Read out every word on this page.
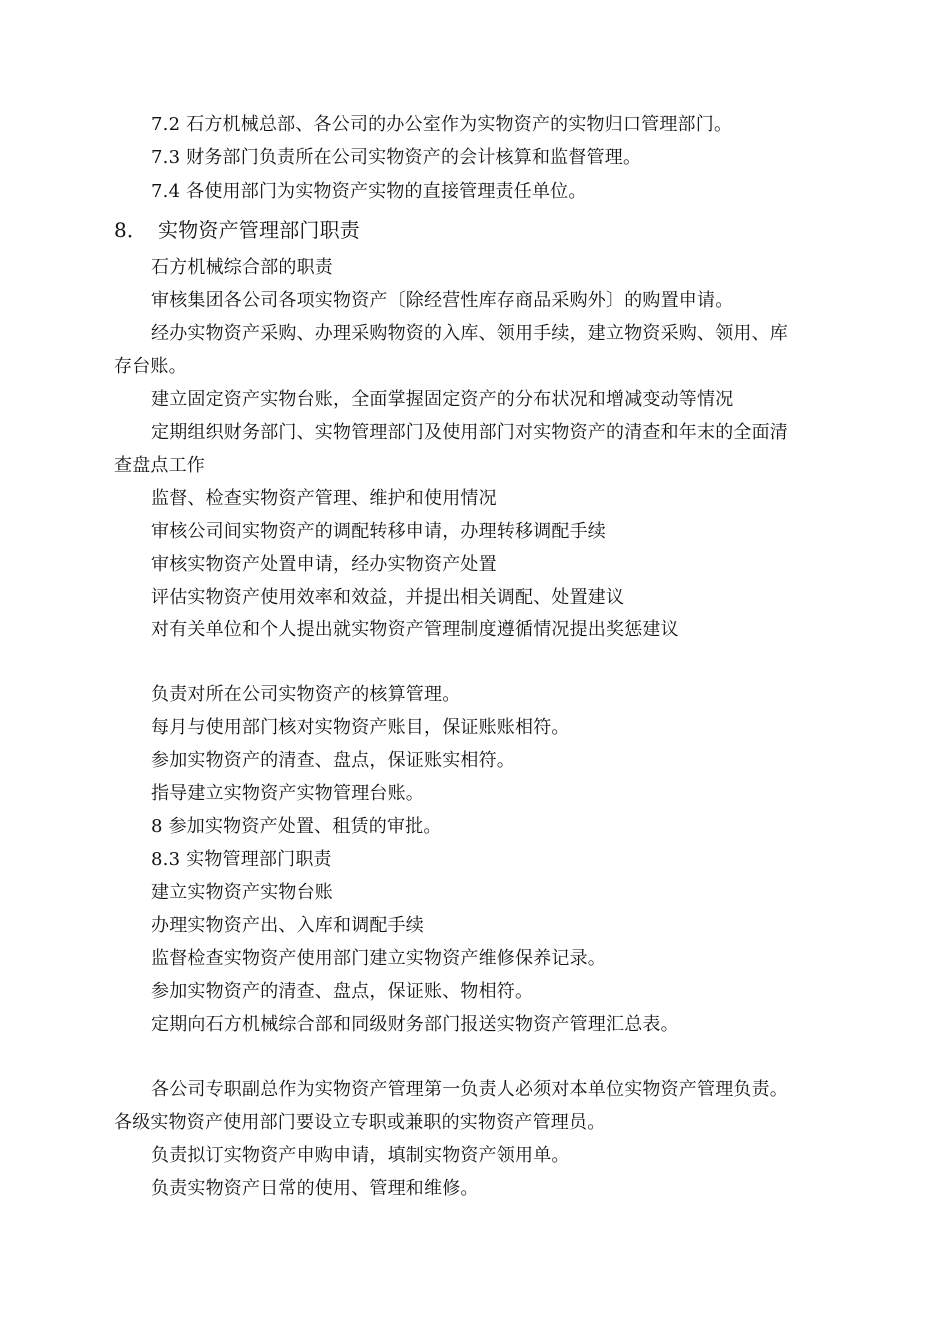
7.2 石方机械总部、各公司的办公室作为实物资产的实物归口管理部门。
7.3 财务部门负责所在公司实物资产的会计核算和监督管理。
7.4 各使用部门为实物资产实物的直接管理责任单位。
8． 实物资产管理部门职责
石方机械综合部的职责
审核集团各公司各项实物资产〔除经营性库存商品采购外〕的购置申请。
经办实物资产采购、办理采购物资的入库、领用手续，建立物资采购、领用、库
存台账。
建立固定资产实物台账，全面掌握固定资产的分布状况和增减变动等情况
定期组织财务部门、实物管理部门及使用部门对实物资产的清查和年末的全面清
查盘点工作
监督、检查实物资产管理、维护和使用情况
审核公司间实物资产的调配转移申请，办理转移调配手续
审核实物资产处置申请，经办实物资产处置
评估实物资产使用效率和效益，并提出相关调配、处置建议
对有关单位和个人提出就实物资产管理制度遵循情况提出奖惩建议
负责对所在公司实物资产的核算管理。
每月与使用部门核对实物资产账目，保证账账相符。
参加实物资产的清查、盘点，保证账实相符。
指导建立实物资产实物管理台账。
8 参加实物资产处置、租赁的审批。
8.3 实物管理部门职责
建立实物资产实物台账
办理实物资产出、入库和调配手续
监督检查实物资产使用部门建立实物资产维修保养记录。
参加实物资产的清查、盘点，保证账、物相符。
定期向石方机械综合部和同级财务部门报送实物资产管理汇总表。
各公司专职副总作为实物资产管理第一负责人必须对本单位实物资产管理负责。
各级实物资产使用部门要设立专职或兼职的实物资产管理员。
负责拟订实物资产申购申请，填制实物资产领用单。
负责实物资产日常的使用、管理和维修。
